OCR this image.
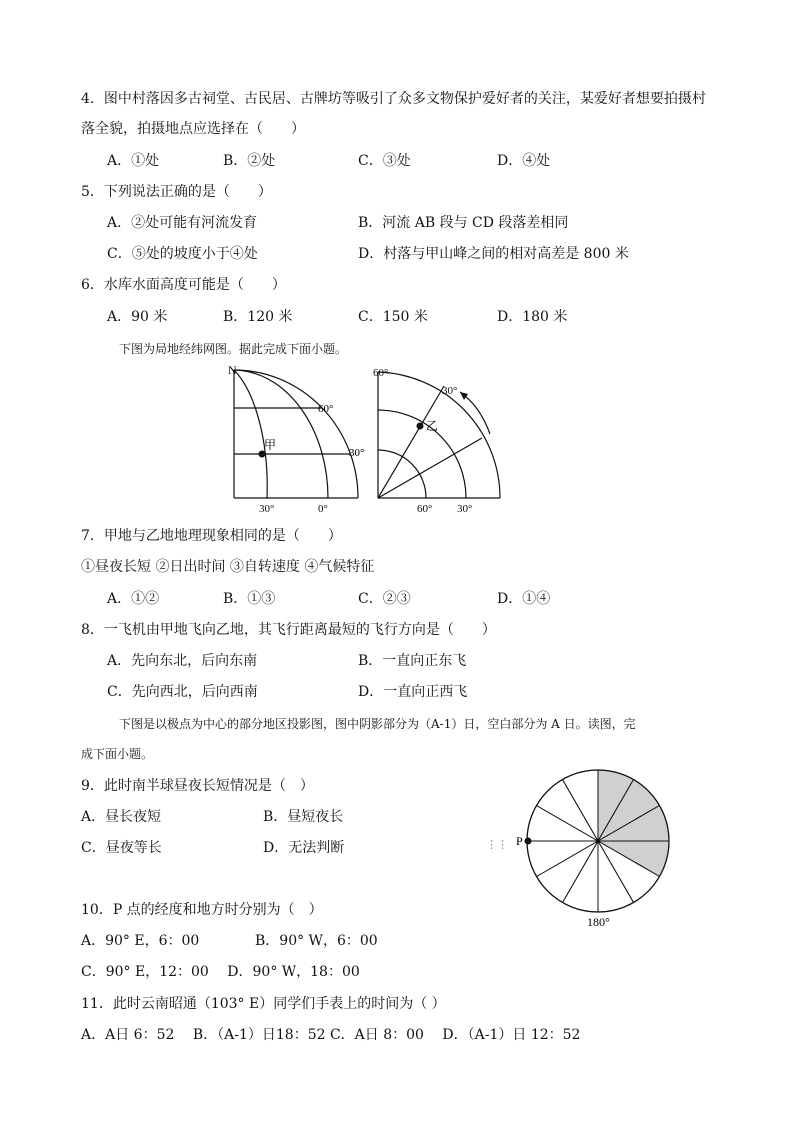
4．图中村落因多古祠堂、古民居、古牌坊等吸引了众多文物保护爱好者的关注，某爱好者想要拍摄村
落全貌，拍摄地点应选择在（　　）
A．①处	B．②处	C．③处	D．④处
5．下列说法正确的是（　　）
A．②处可能有河流发育	B．河流 AB 段与 CD 段落差相同
C．⑤处的坡度小于④处	D．村落与甲山峰之间的相对高差是 800 米
6．水库水面高度可能是（　　）
A．90 米	B．120 米	C．150 米	D．180 米
下图为局地经纬网图。据此完成下面小题。
N
60°
30°
甲
30°	0°
乙
60°
30°
60° 30°
7．甲地与乙地地理现象相同的是（　　）
①昼夜长短 ②日出时间 ③自转速度 ④气候特征
A．①②	B．①③	C．②③	D．①④
8．一飞机由甲地飞向乙地，其飞行距离最短的飞行方向是（　　）
A．先向东北，后向东南	B．一直向正东飞
C．先向西北，后向西南	D．一直向正西飞
下图是以极点为中心的部分地区投影图，图中阴影部分为（A-1）日，空白部分为 A 日。读图，完
成下面小题。
9．此时南半球昼夜长短情况是（　）
A．昼长夜短	B．昼短夜长
C．昼夜等长	D．无法判断	⋮⋮ P
180°
10．P 点的经度和地方时分别为（　）
A．90° E，6：00	B．90° W，6：00
C．90° E，12：00　 D．90° W，18：00
11．此时云南昭通（103° E）同学们手表上的时间为（ ）
A．A日 6：52　 B．（A-1）日18：52 C．A日 8：00　 D．（A-1）日 12：52
